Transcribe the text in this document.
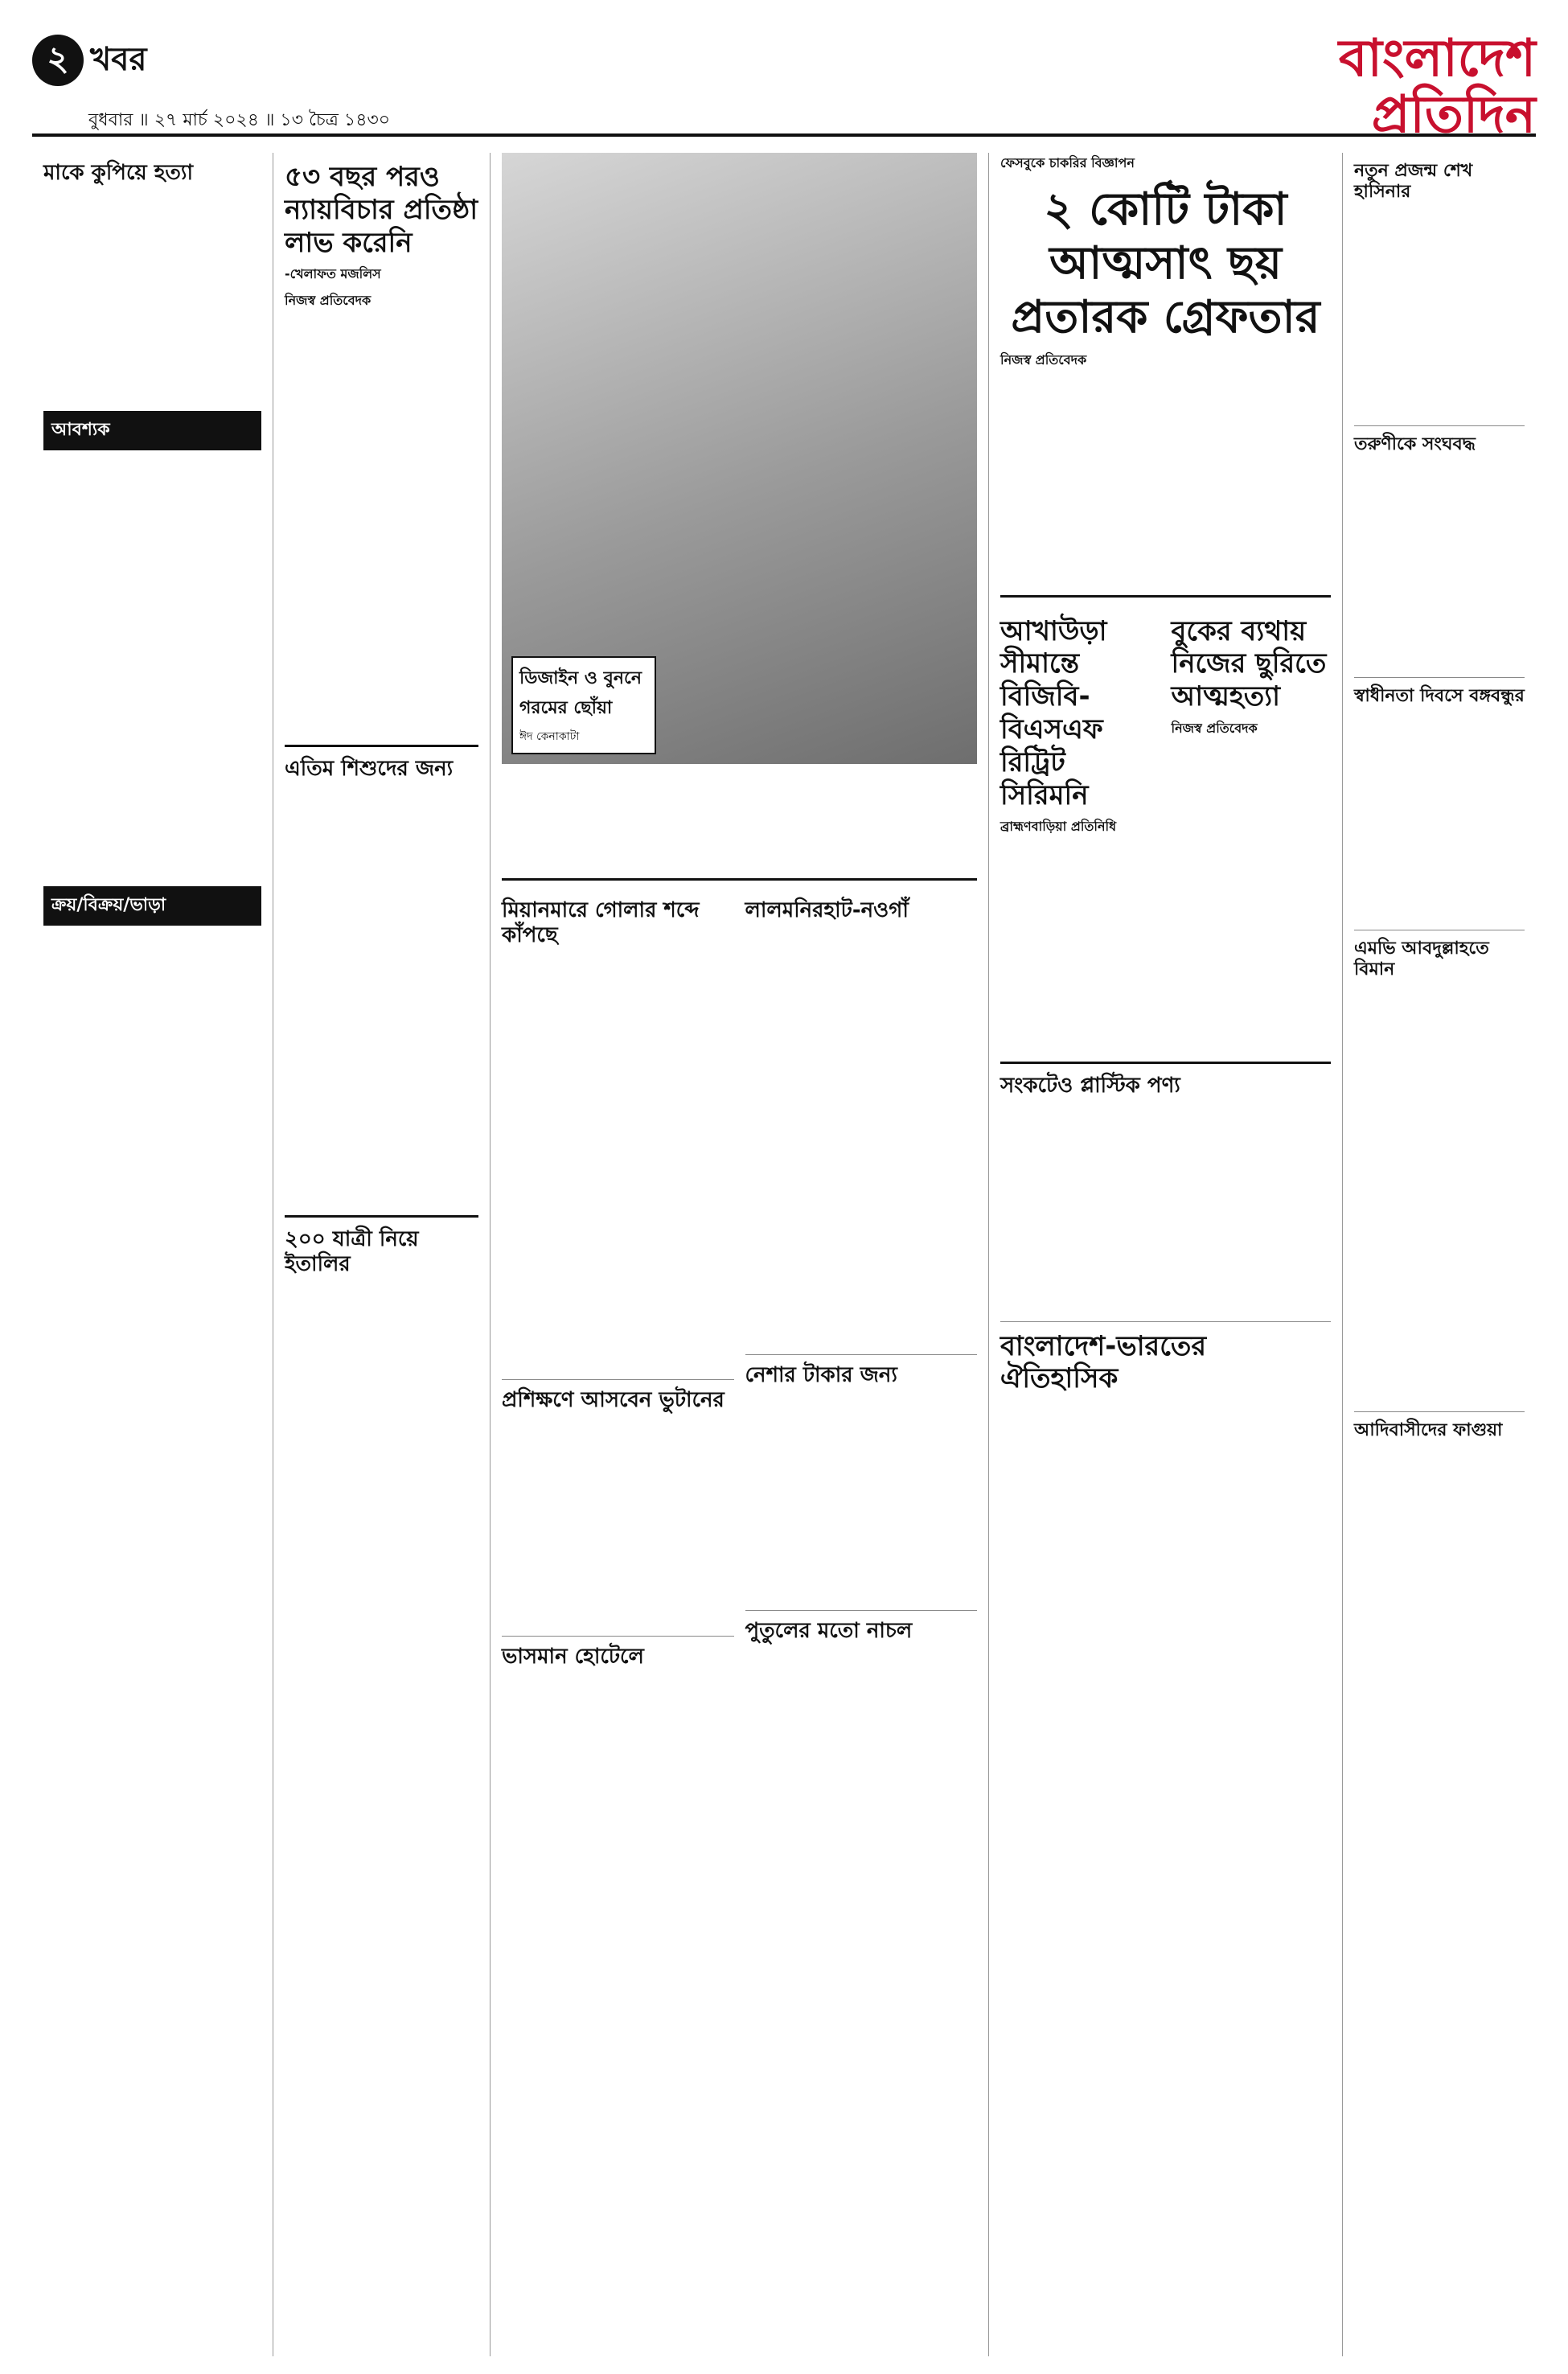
২ খবর
বুধবার ॥ ২৭ মার্চ ২০২৪ ॥ ১৩ চৈত্র ১৪৩০
বাংলাদেশ প্রতিদিন
মাকে কুপিয়ে হত্যা

আবশ্যক

ক্রয়/বিক্রয়/ভাড়া

৫৩ বছর পরও ন্যায়বিচার প্রতিষ্ঠা লাভ করেনি
-খেলাফত মজলিস
নিজস্ব প্রতিবেদক

এতিম শিশুদের জন্য

২০০ যাত্রী নিয়ে ইতালির

ডিজাইন ও বুননে গরমের ছোঁয়া
ঈদ কেনাকাটা

মিয়ানমারে গোলার শব্দে কাঁপছে

প্রশিক্ষণে আসবেন ভুটানের

ভাসমান হোটেলে

লালমনিরহাট-নওগাঁ

নেশার টাকার জন্য

পুতুলের মতো নাচল

ফেসবুকে চাকরির বিজ্ঞাপন
২ কোটি টাকা আত্মসাৎ ছয় প্রতারক গ্রেফতার
নিজস্ব প্রতিবেদক

আখাউড়া সীমান্তে বিজিবি-বিএসএফ রিট্রিট সিরিমনি
ব্রাহ্মণবাড়িয়া প্রতিনিধি

বুকের ব্যথায় নিজের ছুরিতে আত্মহত্যা
নিজস্ব প্রতিবেদক

সংকটেও প্লাস্টিক পণ্য

বাংলাদেশ-ভারতের ঐতিহাসিক

নতুন প্রজন্ম শেখ হাসিনার

তরুণীকে সংঘবদ্ধ

স্বাধীনতা দিবসে বঙ্গবন্ধুর

এমভি আবদুল্লাহতে বিমান

আদিবাসীদের ফাগুয়া
